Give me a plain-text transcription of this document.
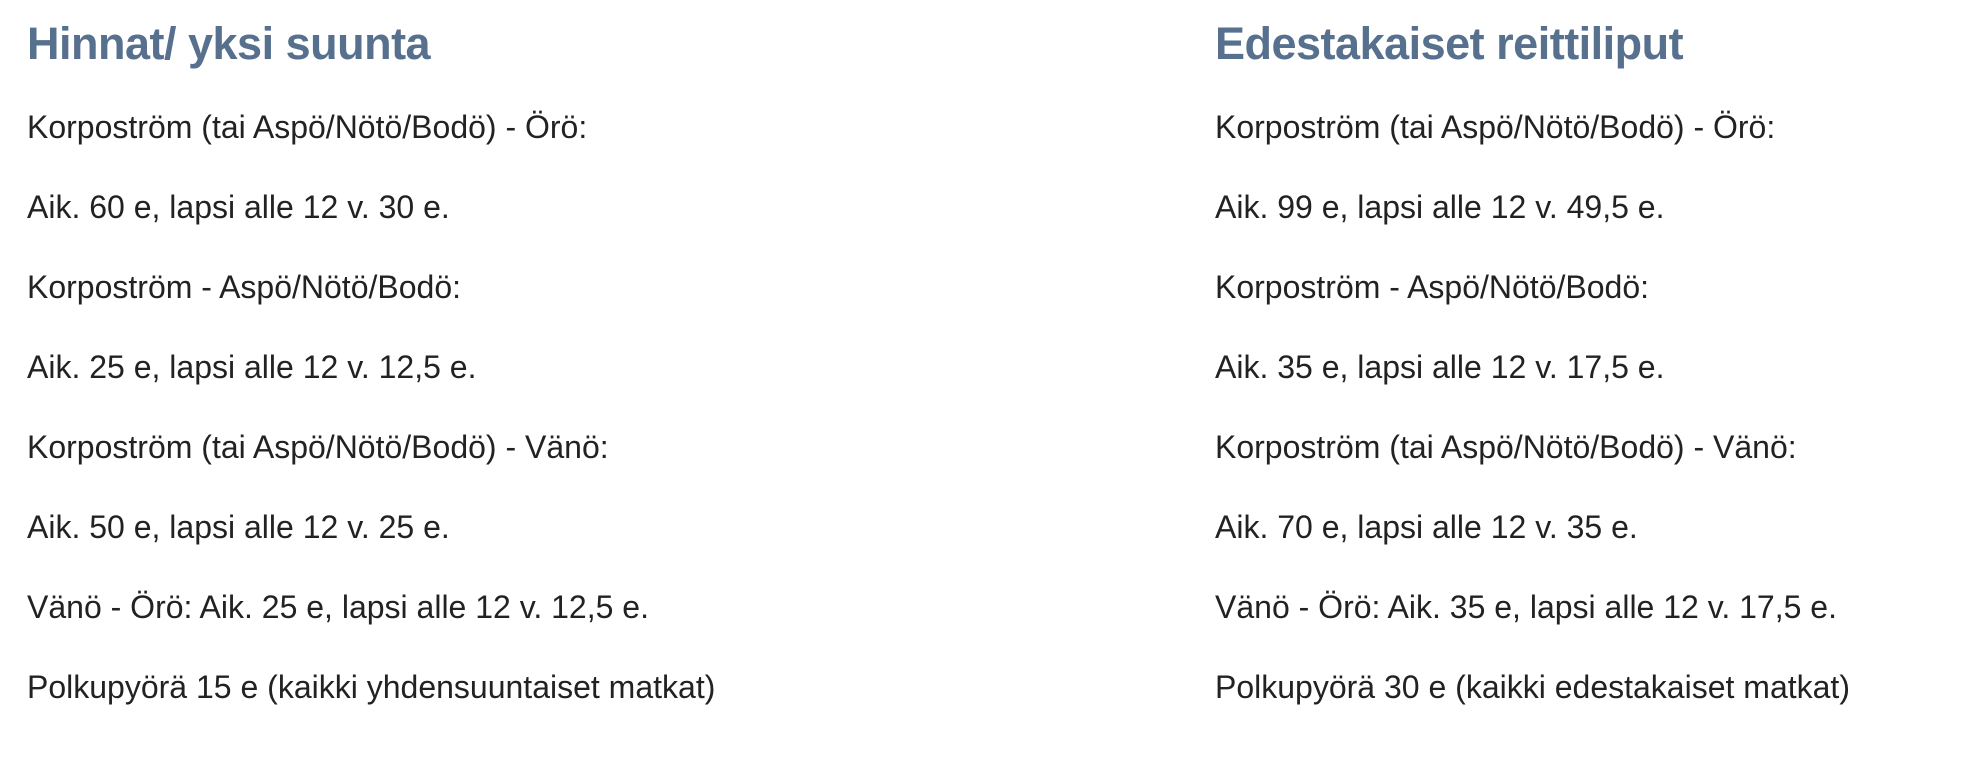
Hinnat/ yksi suunta

Korpoström (tai Aspö/Nötö/Bodö) - Örö:

Aik. 60 e, lapsi alle 12 v. 30 e.

Korpoström - Aspö/Nötö/Bodö:

Aik. 25 e, lapsi alle 12 v. 12,5 e.

Korpoström (tai Aspö/Nötö/Bodö) - Vänö:

Aik. 50 e, lapsi alle 12 v. 25 e.

Vänö - Örö: Aik. 25 e, lapsi alle 12 v. 12,5 e.

Polkupyörä 15 e (kaikki yhdensuuntaiset matkat)

Edestakaiset reittiliput

Korpoström (tai Aspö/Nötö/Bodö) - Örö:

Aik. 99 e, lapsi alle 12 v. 49,5 e.

Korpoström - Aspö/Nötö/Bodö:

Aik. 35 e, lapsi alle 12 v. 17,5 e.

Korpoström (tai Aspö/Nötö/Bodö) - Vänö:

Aik. 70 e, lapsi alle 12 v. 35 e.

Vänö - Örö: Aik. 35 e, lapsi alle 12 v. 17,5 e.

Polkupyörä 30 e (kaikki edestakaiset matkat)
